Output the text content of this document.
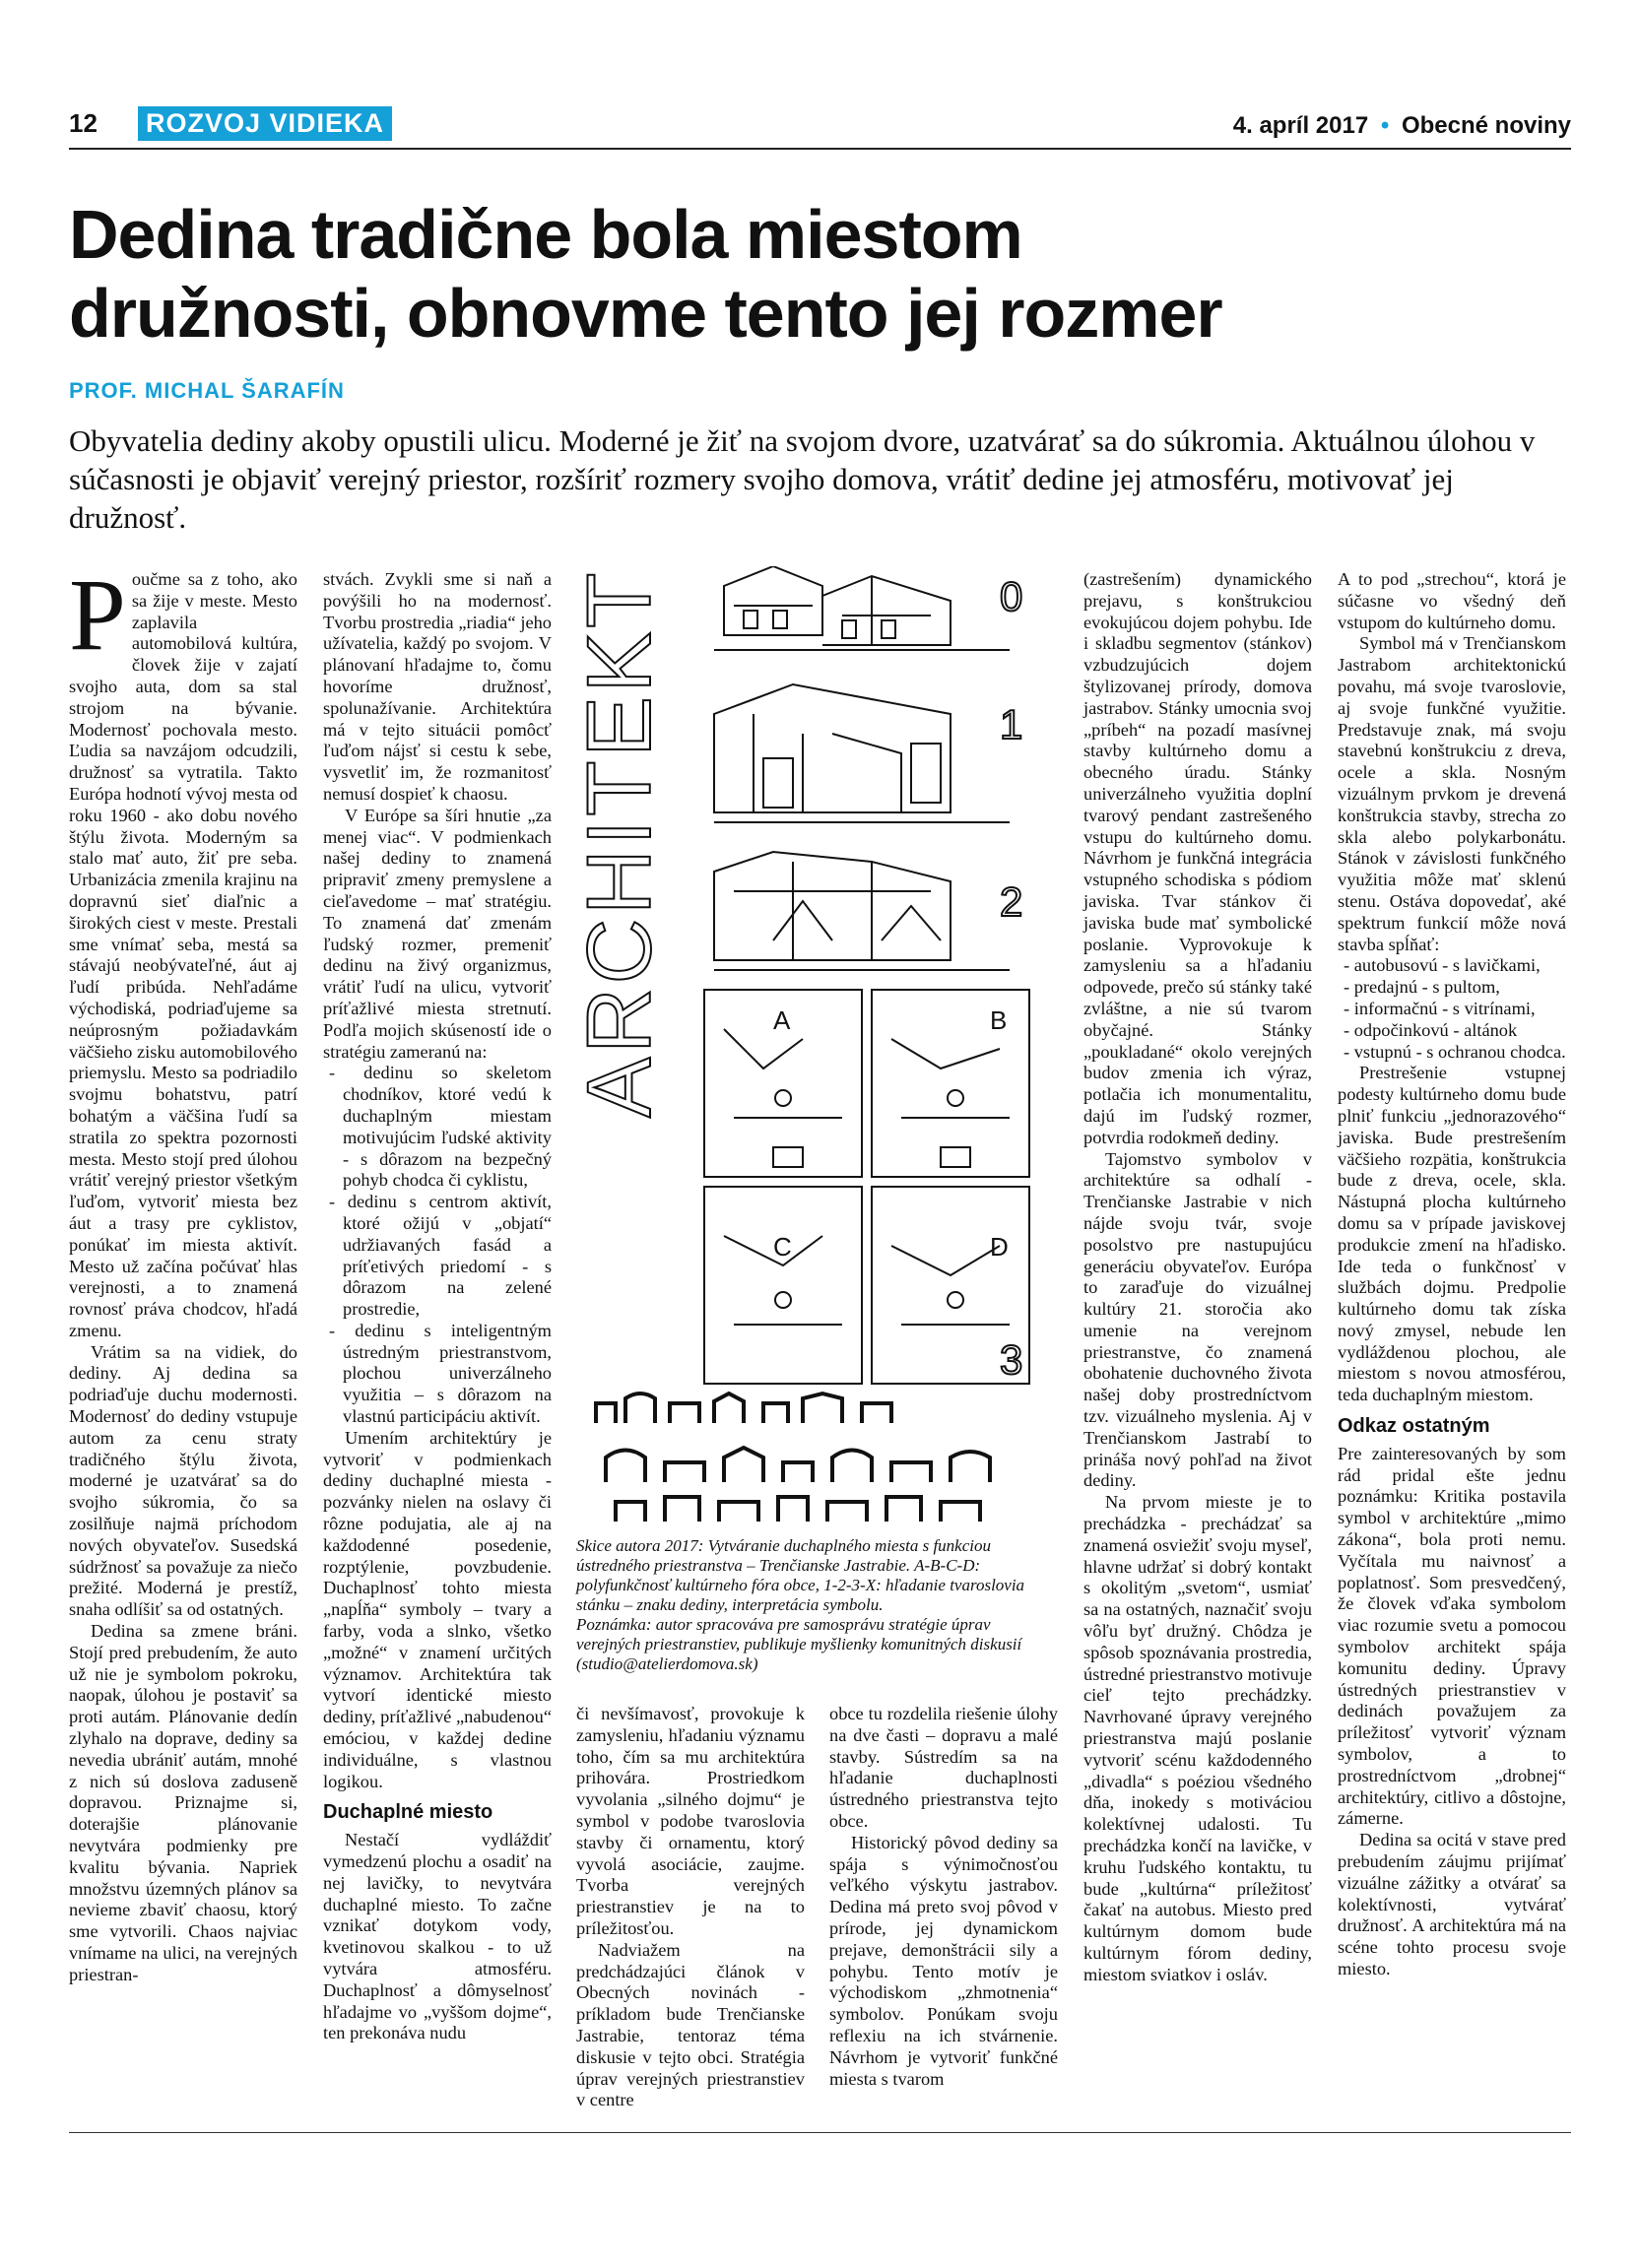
12 ROZVOJ VIDIEKA	4. apríl 2017 • Obecné noviny
Dedina tradične bola miestom
družnosti, obnovme tento jej rozmer
PROF. MICHAL ŠARAFÍN
Obyvatelia dediny akoby opustili ulicu. Moderné je žiť na svojom dvore, uzatvárať sa do súkromia. Aktuálnou úlohou v súčasnosti je objaviť verejný priestor, rozšíriť rozmery svojho domova, vrátiť dedine jej atmosféru, motivovať jej družnosť.

Poučme sa z toho, ako sa žije v meste. Mesto zaplavila automobilová kultúra, človek žije v zajatí svojho auta, dom sa stal strojom na bývanie. Modernosť pochovala mesto. Ľudia sa navzájom odcudzili, družnosť sa vytratila. Takto Európa hodnotí vývoj mesta od roku 1960 - ako dobu nového štýlu života. Moderným sa stalo mať auto, žiť pre seba. Urbanizácia zmenila krajinu na dopravnú sieť diaľnic a širokých ciest v meste. Prestali sme vnímať seba, mestá sa stávajú neobývateľné, áut aj ľudí pribúda. Nehľadáme východiská, podriaďujeme sa neúprosným požiadavkám väčšieho zisku automobilového priemyslu. Mesto sa podriadilo svojmu bohatstvu, patrí bohatým a väčšina ľudí sa stratila zo spektra pozornosti mesta. Mesto stojí pred úlohou vrátiť verejný priestor všetkým ľuďom, vytvoriť miesta bez áut a trasy pre cyklistov, ponúkať im miesta aktivít. Mesto už začína počúvať hlas verejnosti, a to znamená rovnosť práva chodcov, hľadá zmenu.

Vrátim sa na vidiek, do dediny. Aj dedina sa podriaďuje duchu modernosti. Modernosť do dediny vstupuje autom za cenu straty tradičného štýlu života, moderné je uzatvárať sa do svojho súkromia, čo sa zosilňuje najmä príchodom nových obyvateľov. Susedská súdržnosť sa považuje za niečo prežité. Moderná je prestíž, snaha odlíšiť sa od ostatných.

Dedina sa zmene bráni. Stojí pred prebudením, že auto už nie je symbolom pokroku, naopak, úlohou je postaviť sa proti autám. Plánovanie dedín zlyhalo na doprave, dediny sa nevedia ubrániť autám, mnohé z nich sú doslova zaduseně dopravou. Priznajme si, doterajšie plánovanie nevytvára podmienky pre kvalitu bývania. Napriek množstvu územných plánov sa nevieme zbaviť chaosu, ktorý sme vytvorili. Chaos najviac vnímame na ulici, na verejných priestran-

stvách. Zvykli sme si naň a povýšili ho na modernosť. Tvorbu prostredia „riadia“ jeho užívatelia, každý po svojom. V plánovaní hľadajme to, čomu hovoríme družnosť, spolunažívanie. Architektúra má v tejto situácii pomôcť ľuďom nájsť si cestu k sebe, vysvetliť im, že rozmanitosť nemusí dospieť k chaosu.

V Európe sa šíri hnutie „za menej viac“. V podmienkach našej dediny to znamená pripraviť zmeny premyslene a cieľavedome – mať stratégiu. To znamená dať zmenám ľudský rozmer, premeniť dedinu na živý organizmus, vrátiť ľudí na ulicu, vytvoriť príťažlivé miesta stretnutí. Podľa mojich skúseností ide o stratégiu zameranú na:

- dedinu so skeletom chodníkov, ktoré vedú k duchaplným miestam motivujúcim ľudské aktivity - s dôrazom na bezpečný pohyb chodca či cyklistu,
- dedinu s centrom aktivít, ktoré ožijú v „objatí“ udržiavaných fasád a príťetivých priedomí - s dôrazom na zelené prostredie,
- dedinu s inteligentným ústredným priestranstvom, plochou univerzálneho využitia – s dôrazom na vlastnú participáciu aktivít.

Umením architektúry je vytvoriť v podmienkach dediny duchaplné miesta - pozvánky nielen na oslavy či rôzne podujatia, ale aj na každodenné posedenie, rozptýlenie, povzbudenie. Duchaplnosť tohto miesta „napĺňa“ symboly – tvary a farby, voda a slnko, všetko „možné“ v znamení určitých významov. Architektúra tak vytvorí identické miesto dediny, príťažlivé „nabudenou“ emóciou, v každej dedine individuálne, s vlastnou logikou.

Duchaplné miesto

Nestačí vydláždiť vymedzenú plochu a osadiť na nej lavičky, to nevytvára duchaplné miesto. To začne vznikať dotykom vody, kvetinovou skalkou - to už vytvára atmosféru. Duchaplnosť a dômyselnosť hľadajme vo „vyššom dojme“, ten prekonáva nudu

ARCHITEKTÚRA	0
1
2
A	B
C	D
3
Skice autora 2017: Vytváranie duchaplného miesta s funkciou ústredného priestranstva – Trenčianske Jastrabie. A-B-C-D: polyfunkčnosť kultúrneho fóra obce, 1-2-3-X: hľadanie tvaroslovia stánku – znaku dediny, interpretácia symbolu.
Poznámka: autor spracováva pre samosprávu stratégie úprav verejných priestranstiev, publikuje myšlienky komunitných diskusií (studio@atelierdomova.sk)

či nevšímavosť, provokuje k zamysleniu, hľadaniu významu toho, čím sa mu architektúra prihovára. Prostriedkom vyvolania „silného dojmu“ je symbol v podobe tvaroslovia stavby či ornamentu, ktorý vyvolá asociácie, zaujme. Tvorba verejných priestranstiev je na to príležitosťou.

Nadviažem na predchádzajúci článok v Obecných novinách - príkladom bude Trenčianske Jastrabie, tentoraz téma diskusie v tejto obci. Stratégia úprav verejných priestranstiev v centre

obce tu rozdelila riešenie úlohy na dve časti – dopravu a malé stavby. Sústredím sa na hľadanie duchaplnosti ústredného priestranstva tejto obce.

Historický pôvod dediny sa spája s výnimočnosťou veľkého výskytu jastrabov. Dedina má preto svoj pôvod v prírode, jej dynamickom prejave, demonštrácii sily a pohybu. Tento motív je východiskom „zhmotnenia“ symbolov. Ponúkam svoju reflexiu na ich stvárnenie. Návrhom je vytvoriť funkčné miesta s tvarom

(zastrešením) dynamického prejavu, s konštrukciou evokujúcou dojem pohybu. Ide i skladbu segmentov (stánkov) vzbudzujúcich dojem štylizovanej prírody, domova jastrabov. Stánky umocnia svoj „príbeh“ na pozadí masívnej stavby kultúrneho domu a obecného úradu. Stánky univerzálneho využitia doplní tvarový pendant zastrešeného vstupu do kultúrneho domu. Návrhom je funkčná integrácia vstupného schodiska s pódiom javiska. Tvar stánkov či javiska bude mať symbolické poslanie. Vyprovokuje k zamysleniu sa a hľadaniu odpovede, prečo sú stánky také zvláštne, a nie sú tvarom obyčajné. Stánky „poukladané“ okolo verejných budov zmenia ich výraz, potlačia ich monumentalitu, dajú im ľudský rozmer, potvrdia rodokmeň dediny.

Tajomstvo symbolov v architektúre sa odhalí - Trenčianske Jastrabie v nich nájde svoju tvár, svoje posolstvo pre nastupujúcu generáciu obyvateľov. Európa to zaraďuje do vizuálnej kultúry 21. storočia ako umenie na verejnom priestranstve, čo znamená obohatenie duchovného života našej doby prostredníctvom tzv. vizuálneho myslenia. Aj v Trenčianskom Jastrabí to prináša nový pohľad na život dediny.

Na prvom mieste je to prechádzka - prechádzať sa znamená osviežiť svoju myseľ, hlavne udržať si dobrý kontakt s okolitým „svetom“, usmiať sa na ostatných, naznačiť svoju vôľu byť družný. Chôdza je spôsob spoznávania prostredia, ústredné priestranstvo motivuje cieľ tejto prechádzky. Navrhované úpravy verejného priestranstva majú poslanie vytvoriť scénu každodenného „divadla“ s poéziou všedného dňa, inokedy s motiváciou kolektívnej udalosti. Tu prechádzka končí na lavičke, v kruhu ľudského kontaktu, tu bude „kultúrna“ príležitosť čakať na autobus. Miesto pred kultúrnym domom bude kultúrnym fórom dediny, miestom sviatkov i osláv.

A to pod „strechou“, ktorá je súčasne vo všedný deň vstupom do kultúrneho domu.

Symbol má v Trenčianskom Jastrabom architektonickú povahu, má svoje tvaroslovie, aj svoje funkčné využitie. Predstavuje znak, má svoju stavebnú konštrukciu z dreva, ocele a skla. Nosným vizuálnym prvkom je drevená konštrukcia stavby, strecha zo skla alebo polykarbonátu. Stánok v závislosti funkčného využitia môže mať sklenú stenu. Ostáva dopovedať, aké spektrum funkcií môže nová stavba spĺňať:

- autobusovú - s lavičkami,
- predajnú - s pultom,
- informačnú - s vitrínami,
- odpočinkovú - altánok
- vstupnú - s ochranou chodca.

Prestrešenie vstupnej podesty kultúrneho domu bude plniť funkciu „jednorazového“ javiska. Bude prestrešením väčšieho rozpätia, konštrukcia bude z dreva, ocele, skla. Nástupná plocha kultúrneho domu sa v prípade javiskovej produkcie zmení na hľadisko. Ide teda o funkčnosť v službách dojmu. Predpolie kultúrneho domu tak získa nový zmysel, nebude len vydláždenou plochou, ale miestom s novou atmosférou, teda duchaplným miestom.

Odkaz ostatným

Pre zainteresovaných by som rád pridal ešte jednu poznámku: Kritika postavila symbol v architektúre „mimo zákona“, bola proti nemu. Vyčítala mu naivnosť a poplatnosť. Som presvedčený, že človek vďaka symbolom viac rozumie svetu a pomocou symbolov architekt spája komunitu dediny. Úpravy ústredných priestranstiev v dedinách považujem za príležitosť vytvoriť význam symbolov, a to prostredníctvom „drobnej“ architektúry, citlivo a dôstojne, zámerne.

Dedina sa ocitá v stave pred prebudením záujmu prijímať vizuálne zážitky a otvárať sa kolektívnosti, vytvárať družnosť. A architektúra má na scéne tohto procesu svoje miesto.
